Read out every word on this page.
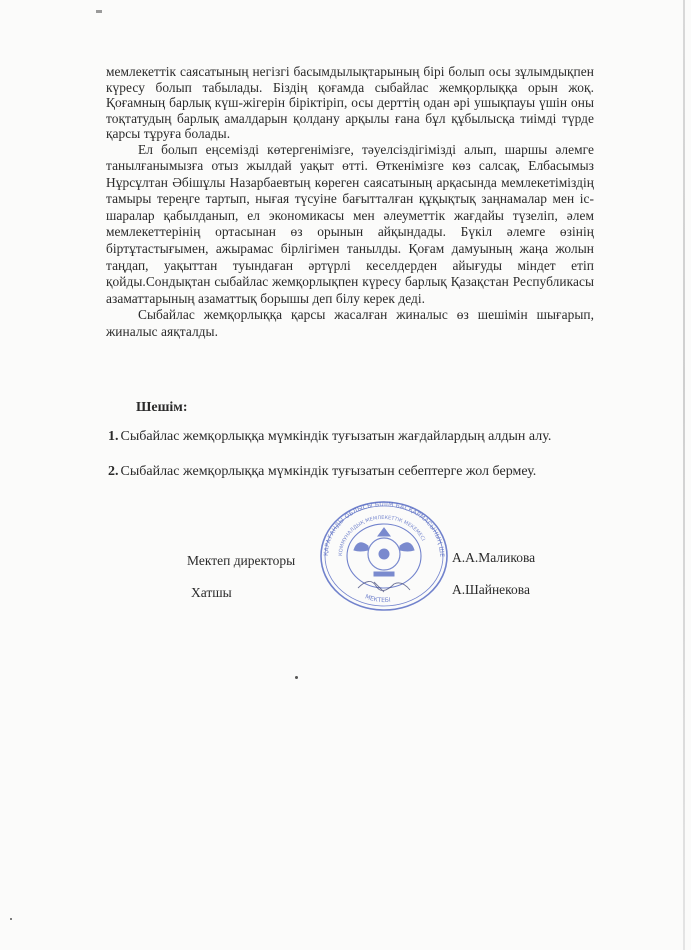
мемлекеттік саясатының негізгі басымдылықтарының бірі болып осы зұлымдықпен күресу болып табылады. Біздің қоғамда сыбайлас жемқорлыққа орын жоқ. Қоғамның барлық күш-жігерін біріктіріп, осы дерттің одан әрі ушықпауы үшін оны тоқтатудың барлық амалдарын қолдану арқылы ғана бұл құбылысқа тиімді түрде қарсы тұруға болады.

Ел болып еңсемізді көтергенімізге, тәуелсіздігімізді алып, шаршы әлемге танылғанымызға отыз жылдай уақыт өтті. Өткенімізге көз салсақ, Елбасымыз Нұрсұлтан Әбішұлы Назарбаевтың көреген саясатының арқасында мемлекетіміздің тамыры тереңге тартып, нығая түсуіне бағытталған құқықтық заңнамалар мен іс-шаралар қабылданып, ел экономикасы мен әлеуметтік жағдайы түзеліп, әлем мемлекеттерінің ортасынан өз орынын айқындады. Бүкіл әлемге өзінің біртұтастығымен, ажырамас бірлігімен танылды. Қоғам дамуының жаңа жолын таңдап, уақыттан туындаған әртүрлі кеселдерден айығуды міндет етіп қойды.Сондықтан сыбайлас жемқорлықпен күресу барлық Қазақстан Республикасы азаматтарының азаматтық борышы деп білу керек деді.

Сыбайлас жемқорлыққа қарсы жасалған жиналыс өз шешімін шығарып, жиналыс аяқталды.

Шешім:
1. Сыбайлас жемқорлыққа мүмкіндік туғызатын жағдайлардың алдын алу.
2. Сыбайлас жемқорлыққа мүмкіндік туғызатын себептерге жол бермеу.
Мектеп директоры	А.А.Маликова
Хатшы	А.Шайнекова
ҚАРАҒАНДЫ ОБЛЫСЫ БІЛІМ БАСҚАРМАСЫНЫҢ ШЕ
КОММУНАЛДЫҚ МЕМЛЕКЕТТІК МЕКЕМЕСІ
МЕКТЕБІ
